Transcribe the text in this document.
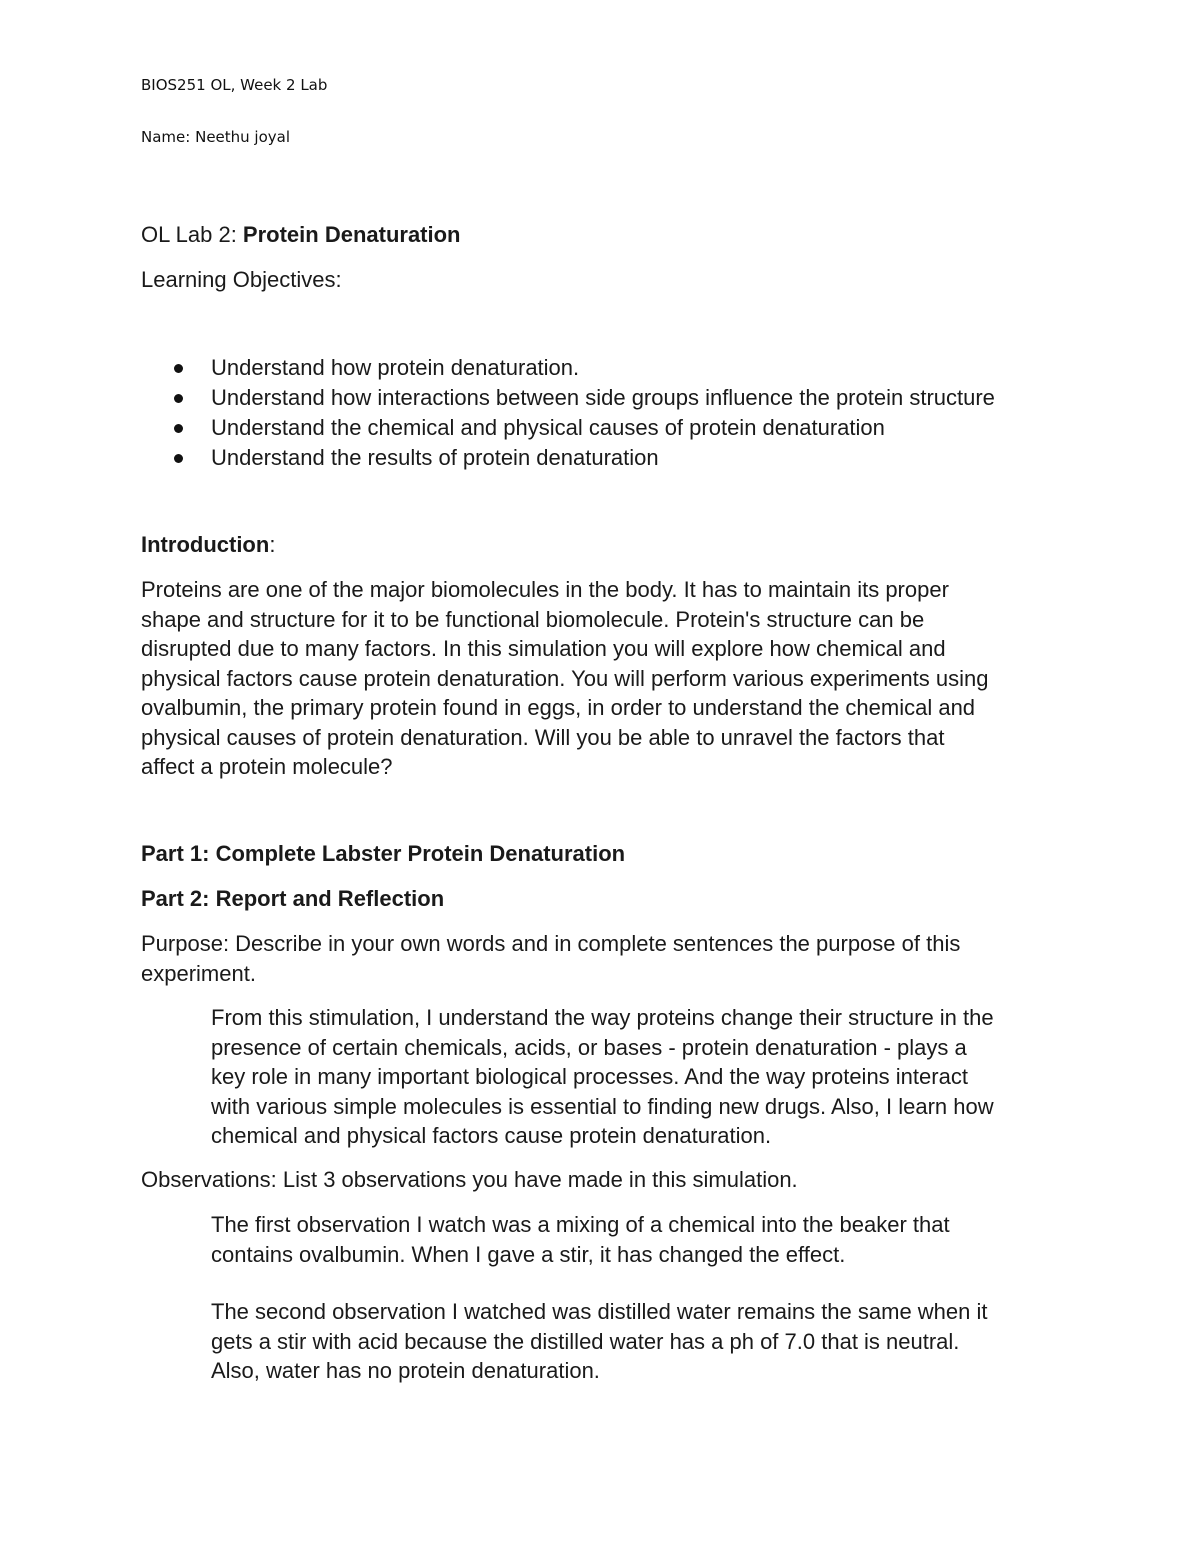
BIOS251 OL, Week 2 Lab

Name: Neethu joyal

OL Lab 2: Protein Denaturation

Learning Objectives:

Understand how protein denaturation.
Understand how interactions between side groups influence the protein structure
Understand the chemical and physical causes of protein denaturation
Understand the results of protein denaturation

Introduction:

Proteins are one of the major biomolecules in the body. It has to maintain its proper
shape and structure for it to be functional biomolecule. Protein's structure can be
disrupted due to many factors. In this simulation you will explore how chemical and
physical factors cause protein denaturation. You will perform various experiments using
ovalbumin, the primary protein found in eggs, in order to understand the chemical and
physical causes of protein denaturation. Will you be able to unravel the factors that
affect a protein molecule?

Part 1: Complete Labster Protein Denaturation

Part 2: Report and Reflection

Purpose: Describe in your own words and in complete sentences the purpose of this
experiment.
From this stimulation, I understand the way proteins change their structure in the
presence of certain chemicals, acids, or bases - protein denaturation - plays a
key role in many important biological processes. And the way proteins interact
with various simple molecules is essential to finding new drugs. Also, I learn how
chemical and physical factors cause protein denaturation.

Observations: List 3 observations you have made in this simulation.

The first observation I watch was a mixing of a chemical into the beaker that
contains ovalbumin. When I gave a stir, it has changed the effect.
The second observation I watched was distilled water remains the same when it
gets a stir with acid because the distilled water has a ph of 7.0 that is neutral.
Also, water has no protein denaturation.
